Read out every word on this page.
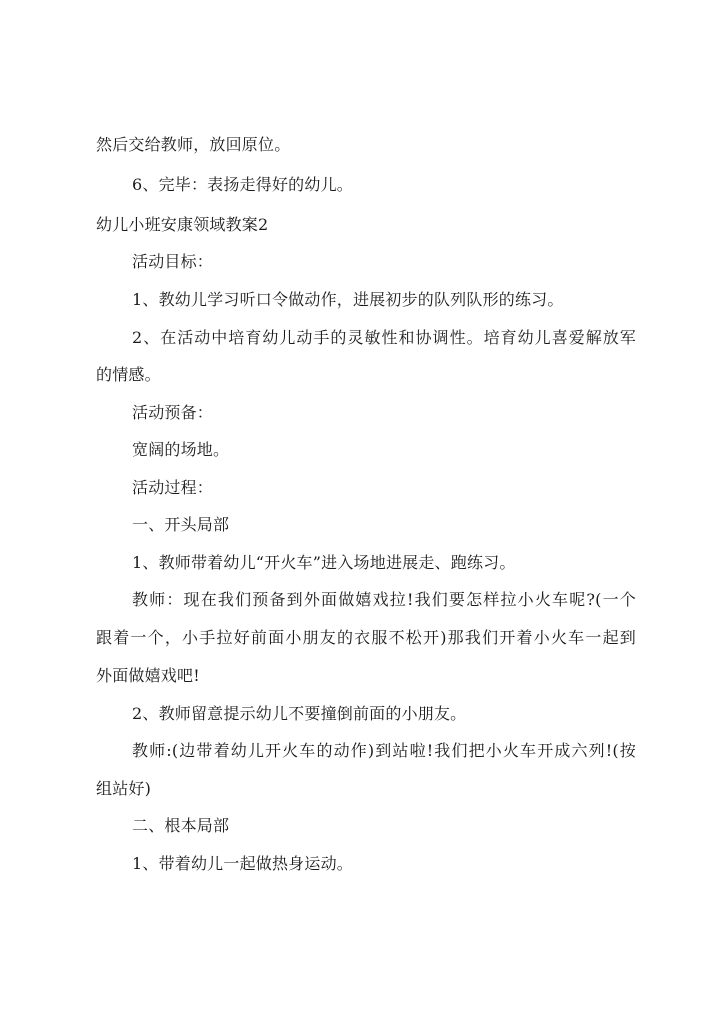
然后交给教师，放回原位。
6、完毕：表扬走得好的幼儿。
幼儿小班安康领域教案2
活动目标：
1、教幼儿学习听口令做动作，进展初步的队列队形的练习。
2、在活动中培育幼儿动手的灵敏性和协调性。培育幼儿喜爱解放军
的情感。
活动预备：
宽阔的场地。
活动过程：
一、开头局部
1、教师带着幼儿“开火车”进入场地进展走、跑练习。
教师：现在我们预备到外面做嬉戏拉!我们要怎样拉小火车呢?(一个
跟着一个，小手拉好前面小朋友的衣服不松开)那我们开着小火车一起到
外面做嬉戏吧!
2、教师留意提示幼儿不要撞倒前面的小朋友。
教师:(边带着幼儿开火车的动作)到站啦!我们把小火车开成六列!(按
组站好)
二、根本局部
1、带着幼儿一起做热身运动。
